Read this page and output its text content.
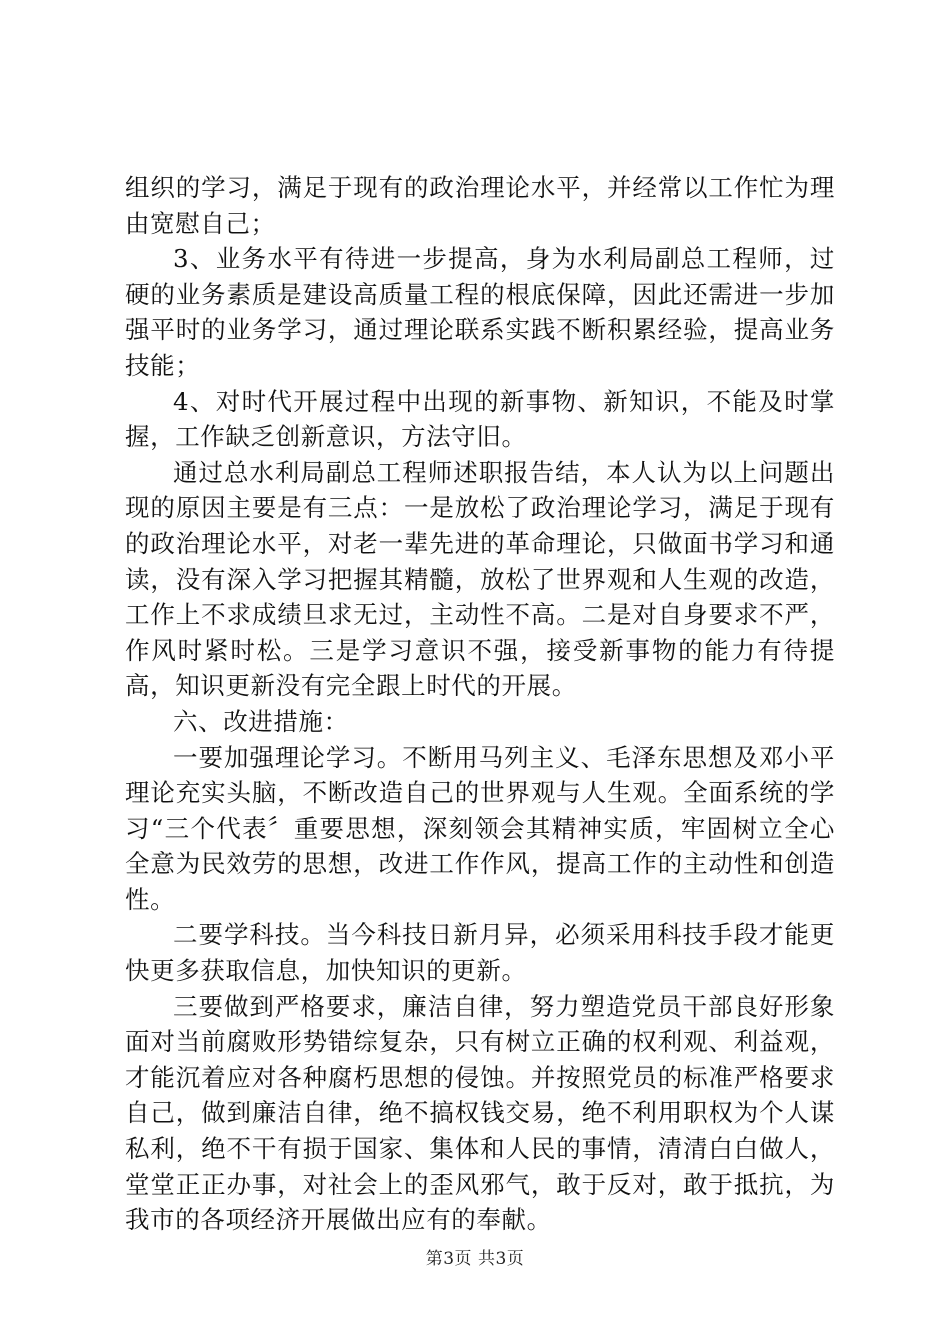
组织的学习，满足于现有的政治理论水平，并经常以工作忙为理由宽慰自己；

3、业务水平有待进一步提高，身为水利局副总工程师，过硬的业务素质是建设高质量工程的根底保障，因此还需进一步加强平时的业务学习，通过理论联系实践不断积累经验，提高业务技能；

4、对时代开展过程中出现的新事物、新知识，不能及时掌握，工作缺乏创新意识，方法守旧。

通过总水利局副总工程师述职报告结，本人认为以上问题出现的原因主要是有三点：一是放松了政治理论学习，满足于现有的政治理论水平，对老一辈先进的革命理论，只做面书学习和通读，没有深入学习把握其精髓，放松了世界观和人生观的改造，工作上不求成绩旦求无过，主动性不高。二是对自身要求不严，作风时紧时松。三是学习意识不强，接受新事物的能力有待提高，知识更新没有完全跟上时代的开展。

六、改进措施：

一要加强理论学习。不断用马列主义、毛泽东思想及邓小平理论充实头脑，不断改造自己的世界观与人生观。全面系统的学习“三个代表〞重要思想，深刻领会其精神实质，牢固树立全心全意为民效劳的思想，改进工作作风，提高工作的主动性和创造性。

二要学科技。当今科技日新月异，必须采用科技手段才能更快更多获取信息，加快知识的更新。

三要做到严格要求，廉洁自律，努力塑造党员干部良好形象面对当前腐败形势错综复杂，只有树立正确的权利观、利益观，才能沉着应对各种腐朽思想的侵蚀。并按照党员的标准严格要求自己，做到廉洁自律，绝不搞权钱交易，绝不利用职权为个人谋私利，绝不干有损于国家、集体和人民的事情，清清白白做人，堂堂正正办事，对社会上的歪风邪气，敢于反对，敢于抵抗，为我市的各项经济开展做出应有的奉献。

第3页 共3页
